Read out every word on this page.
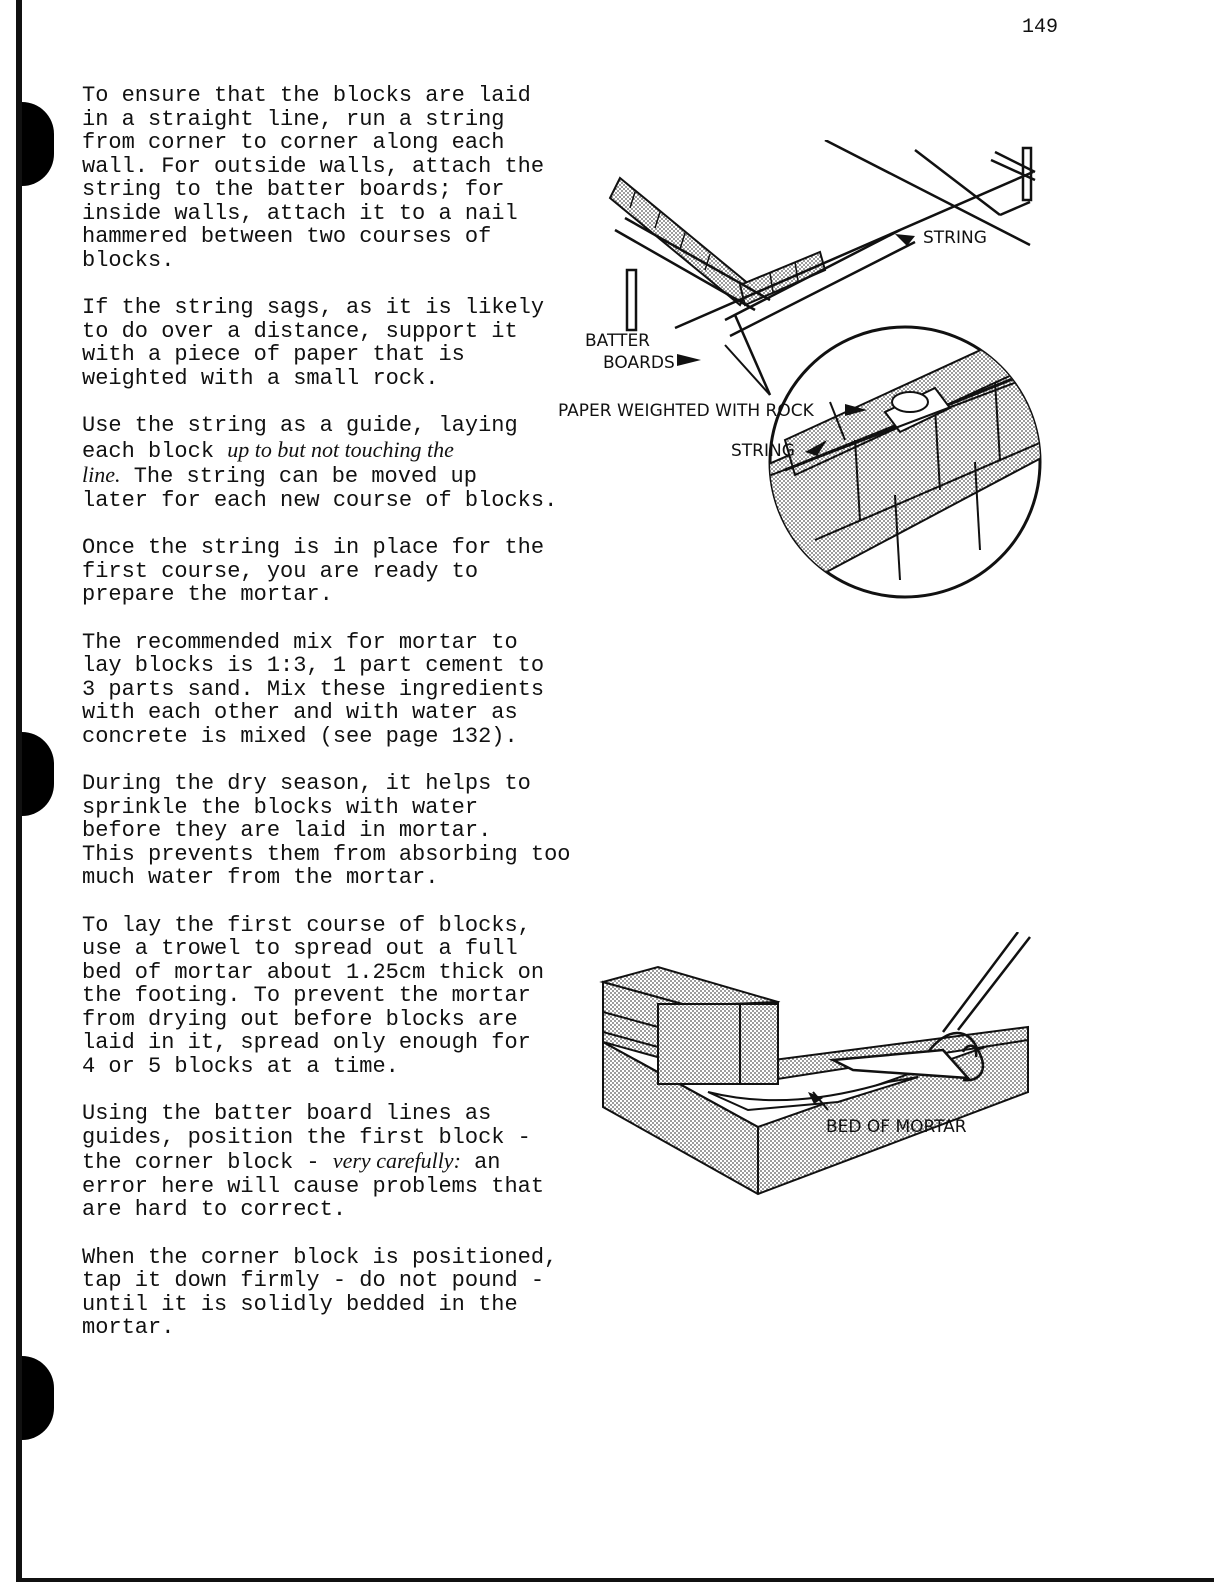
149

To ensure that the blocks are laid
in a straight line, run a string
from corner to corner along each
wall. For outside walls, attach the
string to the batter boards; for
inside walls, attach it to a nail
hammered between two courses of
blocks.

If the string sags, as it is likely
to do over a distance, support it
with a piece of paper that is
weighted with a small rock.

Use the string as a guide, laying
each block up to but not touching the
line. The string can be moved up
later for each new course of blocks.

Once the string is in place for the
first course, you are ready to
prepare the mortar.

The recommended mix for mortar to
lay blocks is 1:3, 1 part cement to
3 parts sand. Mix these ingredients
with each other and with water as
concrete is mixed (see page 132).

During the dry season, it helps to
sprinkle the blocks with water
before they are laid in mortar.
This prevents them from absorbing too
much water from the mortar.

To lay the first course of blocks,
use a trowel to spread out a full
bed of mortar about 1.25cm thick on
the footing. To prevent the mortar
from drying out before blocks are
laid in it, spread only enough for
4 or 5 blocks at a time.

Using the batter board lines as
guides, position the first block -
the corner block - very carefully: an
error here will cause problems that
are hard to correct.

When the corner block is positioned,
tap it down firmly - do not pound -
until it is solidly bedded in the
mortar.

STRING
BATTER
BOARDS
PAPER WEIGHTED WITH ROCK
STRING
BED OF MORTAR
